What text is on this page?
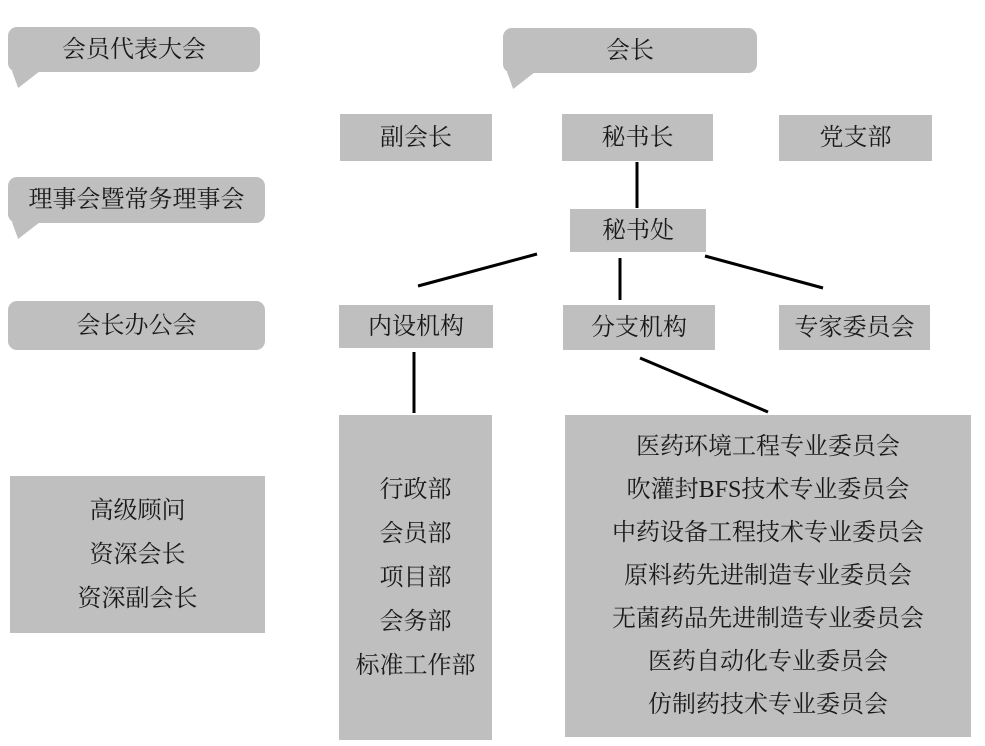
会员代表大会	会长
理事会暨常务理事会
会长办公会
副会长	秘书长	党支部
秘书处
内设机构	分支机构	专家委员会
高级顾问
资深会长
资深副会长
行政部
会员部
项目部
会务部
标准工作部
医药环境工程专业委员会
吹灌封BFS技术专业委员会
中药设备工程技术专业委员会
原料药先进制造专业委员会
无菌药品先进制造专业委员会
医药自动化专业委员会
仿制药技术专业委员会
